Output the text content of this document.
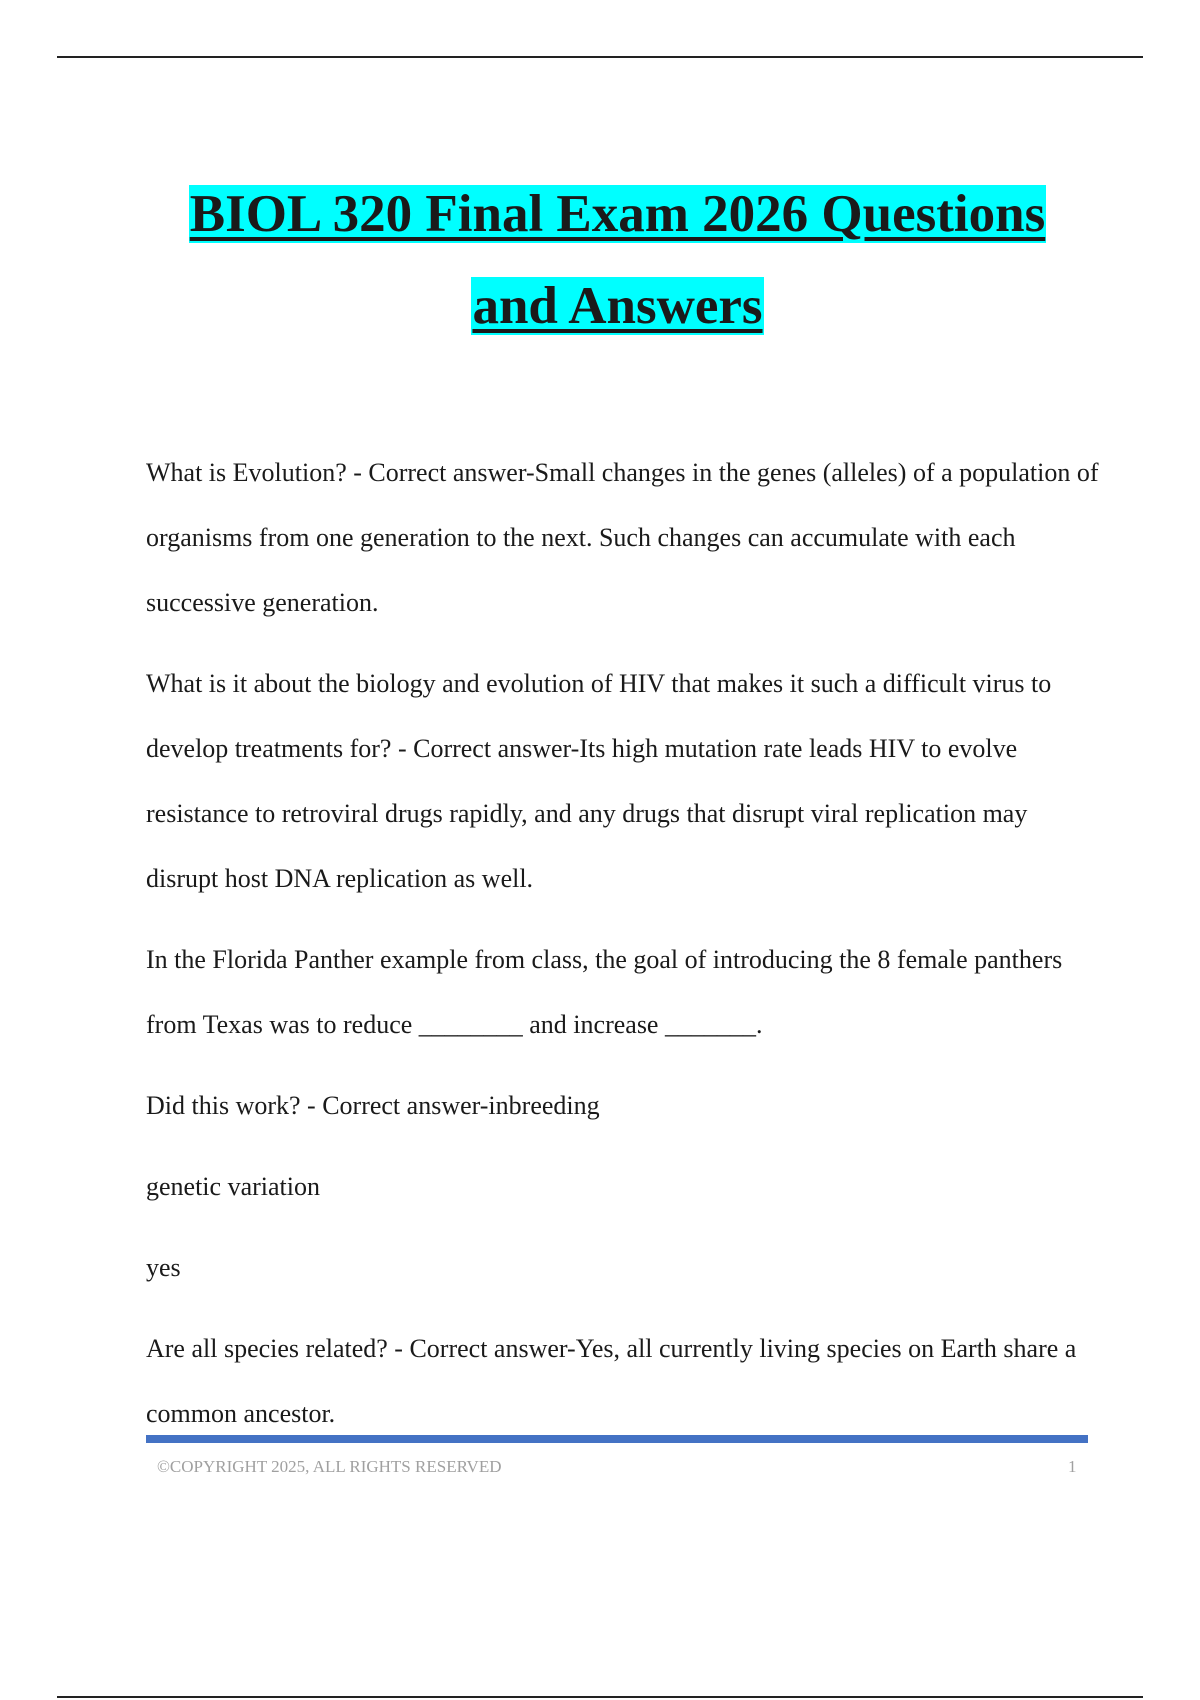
BIOL 320 Final Exam 2026 Questions
and Answers

What is Evolution? - Correct answer-Small changes in the genes (alleles) of a population of organisms from one generation to the next. Such changes can accumulate with each successive generation.

What is it about the biology and evolution of HIV that makes it such a difficult virus to develop treatments for? - Correct answer-Its high mutation rate leads HIV to evolve resistance to retroviral drugs rapidly, and any drugs that disrupt viral replication may disrupt host DNA replication as well.

In the Florida Panther example from class, the goal of introducing the 8 female panthers from Texas was to reduce ________ and increase _______.

Did this work? - Correct answer-inbreeding

genetic variation

yes

Are all species related? - Correct answer-Yes, all currently living species on Earth share a common ancestor.

©COPYRIGHT 2025, ALL RIGHTS RESERVED	1
